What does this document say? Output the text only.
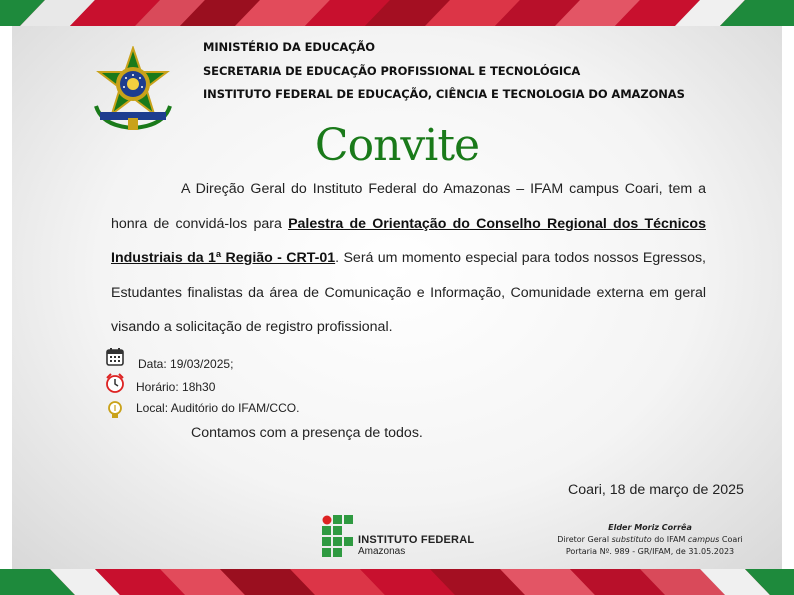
MINISTÉRIO DA EDUCAÇÃO
SECRETARIA DE EDUCAÇÃO PROFISSIONAL E TECNOLÓGICA
INSTITUTO FEDERAL DE EDUCAÇÃO, CIÊNCIA E TECNOLOGIA DO AMAZONAS
Convite

A Direção Geral do Instituto Federal do Amazonas – IFAM campus Coari, tem a honra de convidá-los para Palestra de Orientação do Conselho Regional dos Técnicos Industriais da 1ª Região - CRT-01. Será um momento especial para todos nossos Egressos, Estudantes finalistas da área de Comunicação e Informação, Comunidade externa em geral visando a solicitação de registro profissional.

Data: 19/03/2025;
Horário: 18h30
Local: Auditório do IFAM/CCO.
Contamos com a presença de todos.
Coari, 18 de março de 2025
INSTITUTO FEDERAL
Amazonas
Elder Moriz Corrêa
Diretor Geral substituto do IFAM campus Coari
Portaria Nº. 989 - GR/IFAM, de 31.05.2023
